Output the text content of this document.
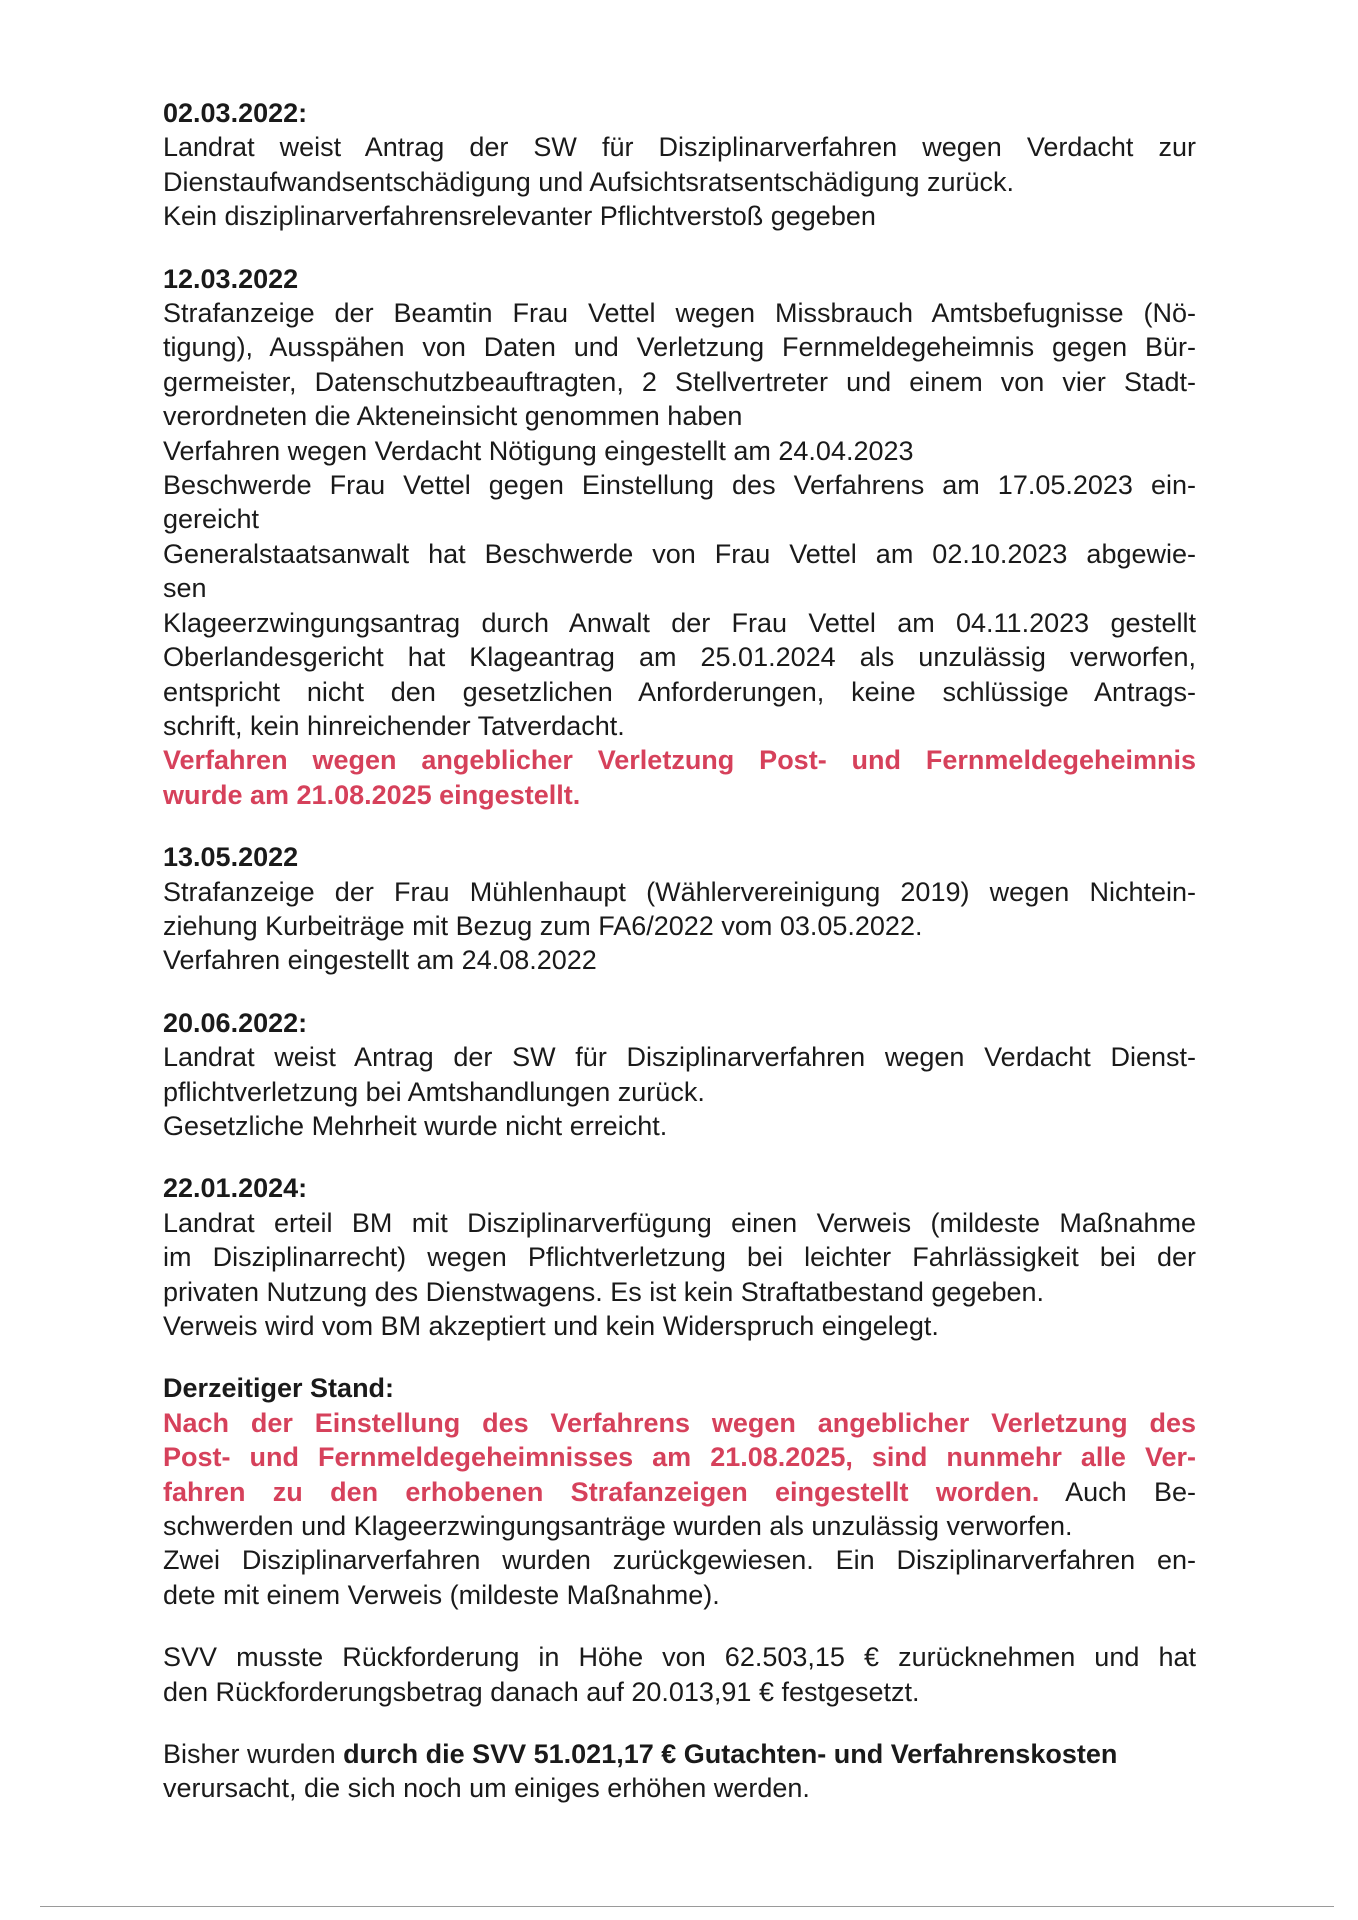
02.03.2022:
Landrat weist Antrag der SW für Disziplinarverfahren wegen Verdacht zur
Dienstaufwandsentschädigung und Aufsichtsratsentschädigung zurück.
Kein disziplinarverfahrensrelevanter Pflichtverstoß gegeben
12.03.2022
Strafanzeige der Beamtin Frau Vettel wegen Missbrauch Amtsbefugnisse (Nö-
tigung), Ausspähen von Daten und Verletzung Fernmeldegeheimnis gegen Bür-
germeister, Datenschutzbeauftragten, 2 Stellvertreter und einem von vier Stadt-
verordneten die Akteneinsicht genommen haben
Verfahren wegen Verdacht Nötigung eingestellt am 24.04.2023
Beschwerde Frau Vettel gegen Einstellung des Verfahrens am 17.05.2023 ein-
gereicht
Generalstaatsanwalt hat Beschwerde von Frau Vettel am 02.10.2023 abgewie-
sen
Klageerzwingungsantrag durch Anwalt der Frau Vettel am 04.11.2023 gestellt
Oberlandesgericht hat Klageantrag am 25.01.2024 als unzulässig verworfen,
entspricht nicht den gesetzlichen Anforderungen, keine schlüssige Antrags-
schrift, kein hinreichender Tatverdacht.
Verfahren wegen angeblicher Verletzung Post- und Fernmeldegeheimnis
wurde am 21.08.2025 eingestellt.
13.05.2022
Strafanzeige der Frau Mühlenhaupt (Wählervereinigung 2019) wegen Nichtein-
ziehung Kurbeiträge mit Bezug zum FA6/2022 vom 03.05.2022.
Verfahren eingestellt am 24.08.2022
20.06.2022:
Landrat weist Antrag der SW für Disziplinarverfahren wegen Verdacht Dienst-
pflichtverletzung bei Amtshandlungen zurück.
Gesetzliche Mehrheit wurde nicht erreicht.
22.01.2024:
Landrat erteil BM mit Disziplinarverfügung einen Verweis (mildeste Maßnahme
im Disziplinarrecht) wegen Pflichtverletzung bei leichter Fahrlässigkeit bei der
privaten Nutzung des Dienstwagens. Es ist kein Straftatbestand gegeben.
Verweis wird vom BM akzeptiert und kein Widerspruch eingelegt.
Derzeitiger Stand:
Nach der Einstellung des Verfahrens wegen angeblicher Verletzung des
Post- und Fernmeldegeheimnisses am 21.08.2025, sind nunmehr alle Ver-
fahren zu den erhobenen Strafanzeigen eingestellt worden. Auch Be-
schwerden und Klageerzwingungsanträge wurden als unzulässig verworfen.
Zwei Disziplinarverfahren wurden zurückgewiesen. Ein Disziplinarverfahren en-
dete mit einem Verweis (mildeste Maßnahme).
SVV musste Rückforderung in Höhe von 62.503,15 € zurücknehmen und hat
den Rückforderungsbetrag danach auf 20.013,91 € festgesetzt.
Bisher wurden durch die SVV 51.021,17 € Gutachten- und Verfahrenskosten
verursacht, die sich noch um einiges erhöhen werden.
